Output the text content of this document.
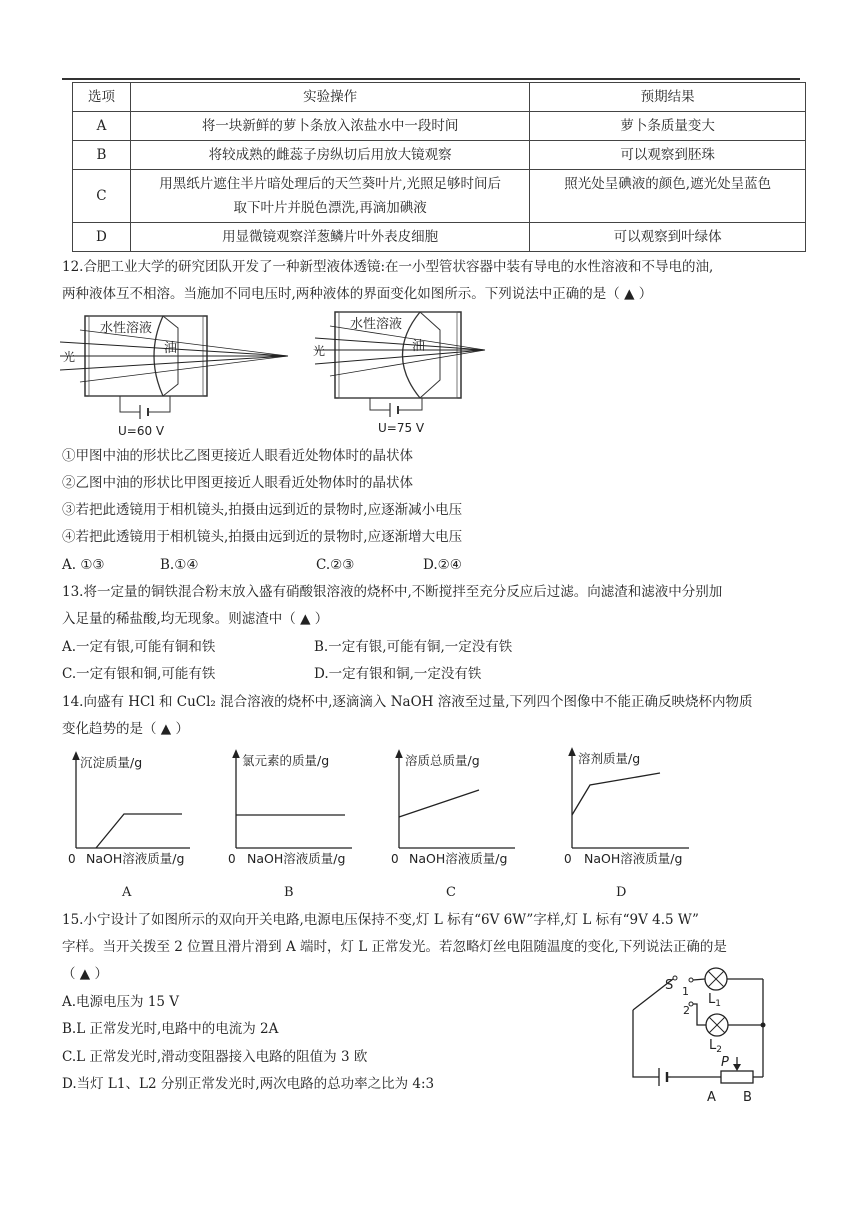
选项	实验操作	预期结果
A	将一块新鲜的萝卜条放入浓盐水中一段时间	萝卜条质量变大
B	将较成熟的雌蕊子房纵切后用放大镜观察	可以观察到胚珠
C	用黑纸片遮住半片暗处理后的天竺葵叶片,光照足够时间后
取下叶片并脱色漂洗,再滴加碘液	照光处呈碘液的颜色,遮光处呈蓝色
D	用显微镜观察洋葱鳞片叶外表皮细胞	可以观察到叶绿体
12.合肥工业大学的研究团队开发了一种新型液体透镜:在一小型管状容器中装有导电的水性溶液和不导电的油,
两种液体互不相溶。当施加不同电压时,两种液体的界面变化如图所示。下列说法中正确的是（ ▲ ）
水性溶液
油
光
U=60 V
水性溶液
油
光
U=75 V
①甲图中油的形状比乙图更接近人眼看近处物体时的晶状体
②乙图中油的形状比甲图更接近人眼看近处物体时的晶状体
③若把此透镜用于相机镜头,拍摄由远到近的景物时,应逐渐减小电压
④若把此透镜用于相机镜头,拍摄由远到近的景物时,应逐渐增大电压
A. ①③	B.①④	C.②③	D.②④
13.将一定量的铜铁混合粉末放入盛有硝酸银溶液的烧杯中,不断搅拌至充分反应后过滤。向滤渣和滤液中分别加
入足量的稀盐酸,均无现象。则滤渣中（ ▲ ）
A.一定有银,可能有铜和铁	B.一定有银,可能有铜,一定没有铁
C.一定有银和铜,可能有铁	D.一定有银和铜,一定没有铁
14.向盛有 HCl 和 CuCl₂ 混合溶液的烧杯中,逐滴滴入 NaOH 溶液至过量,下列四个图像中不能正确反映烧杯内物质
变化趋势的是（ ▲ ）
沉淀质量/g
0 NaOH溶液质量/g
氯元素的质量/g
0 NaOH溶液质量/g
溶质总质量/g
0 NaOH溶液质量/g
溶剂质量/g
0 NaOH溶液质量/g
A	B	C	D
15.小宁设计了如图所示的双向开关电路,电源电压保持不变,灯 L 标有“6V 6W”字样,灯 L 标有“9V 4.5 W”
字样。当开关拨至 2 位置且滑片滑到 A 端时，灯 L 正常发光。若忽略灯丝电阻随温度的变化,下列说法正确的是
（ ▲ ）
A.电源电压为 15 V
B.L 正常发光时,电路中的电流为 2A
C.L 正常发光时,滑动变阻器接入电路的阻值为 3 欧
D.当灯 L1、L2 分别正常发光时,两次电路的总功率之比为 4:3
S 1
2
$L_1$
$L_2$
P
A B
